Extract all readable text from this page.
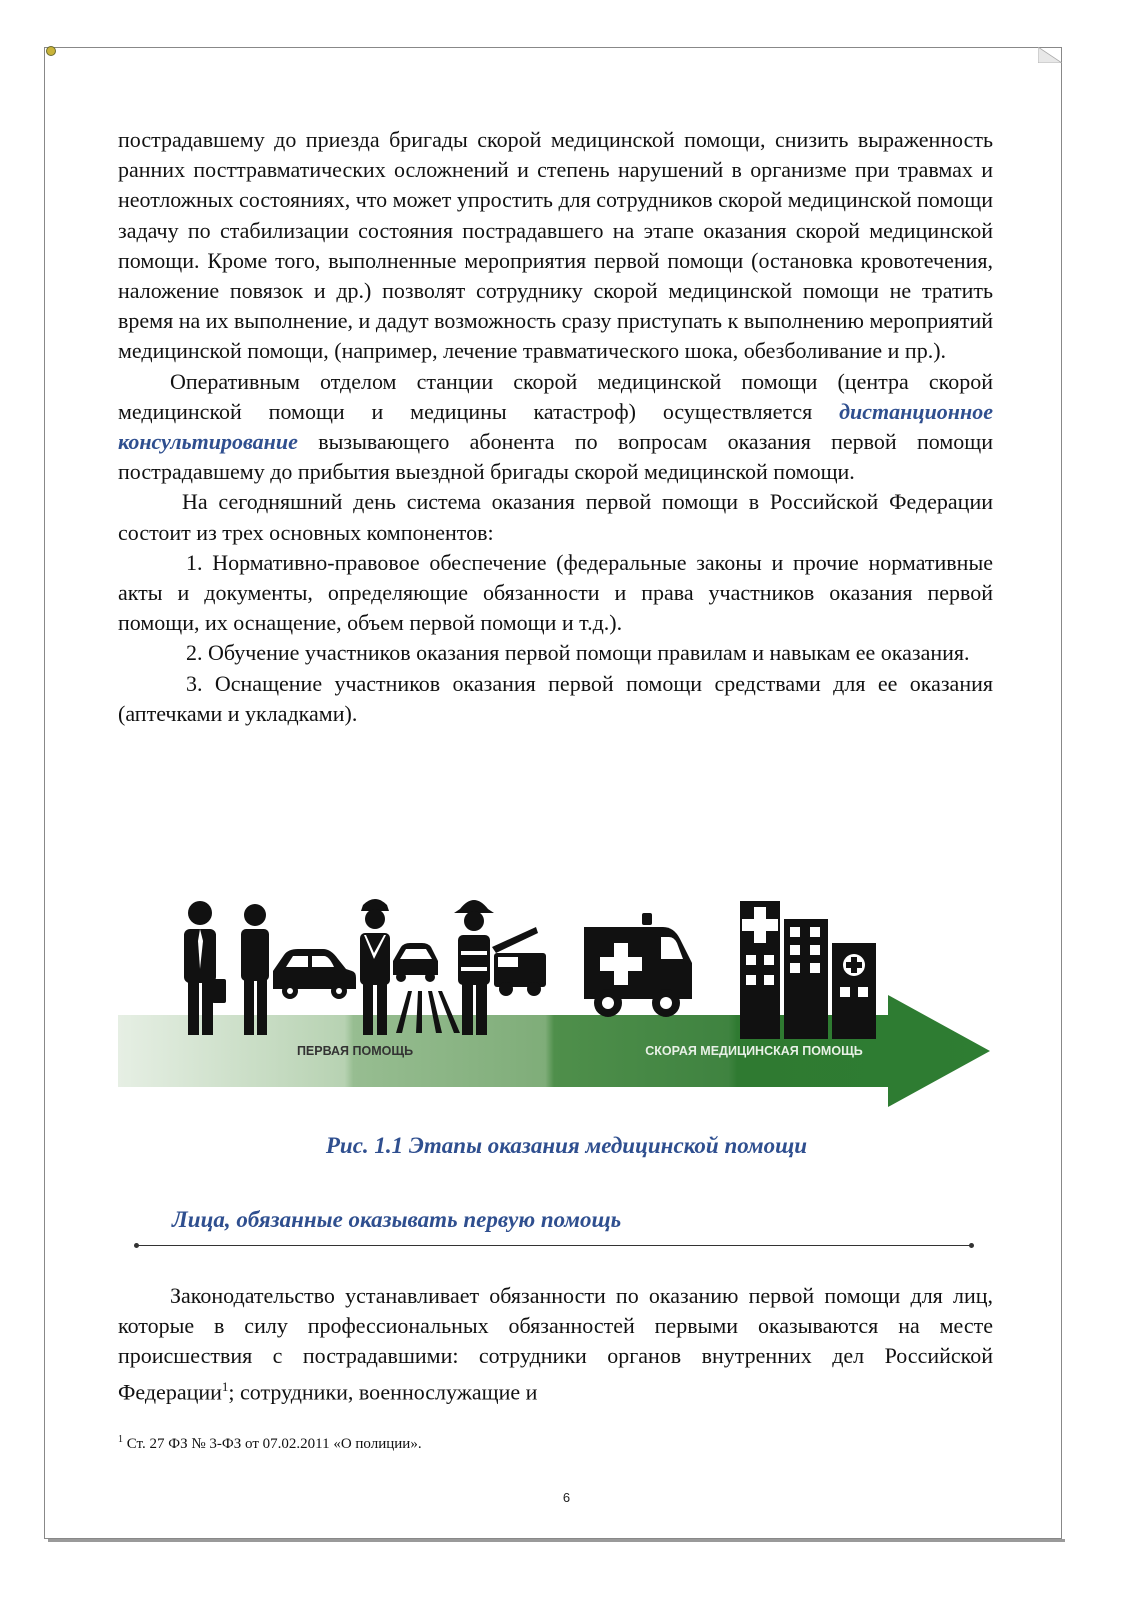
пострадавшему до приезда бригады скорой медицинской помощи, снизить выраженность ранних посттравматических осложнений и степень нарушений в организме при травмах и неотложных состояниях, что может упростить для сотрудников скорой медицинской помощи задачу по стабилизации состояния пострадавшего на этапе оказания скорой медицинской помощи. Кроме того, выполненные мероприятия первой помощи (остановка кровотечения, наложение повязок и др.) позволят сотруднику скорой медицинской помощи не тратить время на их выполнение, и дадут возможность сразу приступать к выполнению мероприятий медицинской помощи, (например, лечение травматического шока, обезболивание и пр.).

Оперативным отделом станции скорой медицинской помощи (центра скорой медицинской помощи и медицины катастроф) осуществляется дистанционное консультирование вызывающего абонента по вопросам оказания первой помощи пострадавшему до прибытия выездной бригады скорой медицинской помощи.

На сегодняшний день система оказания первой помощи в Российской Федерации состоит из трех основных компонентов:

1. Нормативно-правовое обеспечение (федеральные законы и прочие нормативные акты и документы, определяющие обязанности и права участников оказания первой помощи, их оснащение, объем первой помощи и т.д.).

2. Обучение участников оказания первой помощи правилам и навыкам ее оказания.

3. Оснащение участников оказания первой помощи средствами для ее оказания (аптечками и укладками).

ПЕРВАЯ ПОМОЩЬ	СКОРАЯ МЕДИЦИНСКАЯ ПОМОЩЬ
Рис. 1.1 Этапы оказания медицинской помощи
Лица, обязанные оказывать первую помощь
Законодательство устанавливает обязанности по оказанию первой помощи для лиц, которые в силу профессиональных обязанностей первыми оказываются на месте происшествия с пострадавшими: сотрудники органов внутренних дел Российской Федерации$^1$; сотрудники, военнослужащие и
$^1$ Ст. 27 ФЗ № 3-ФЗ от 07.02.2011 «О полиции».
6
